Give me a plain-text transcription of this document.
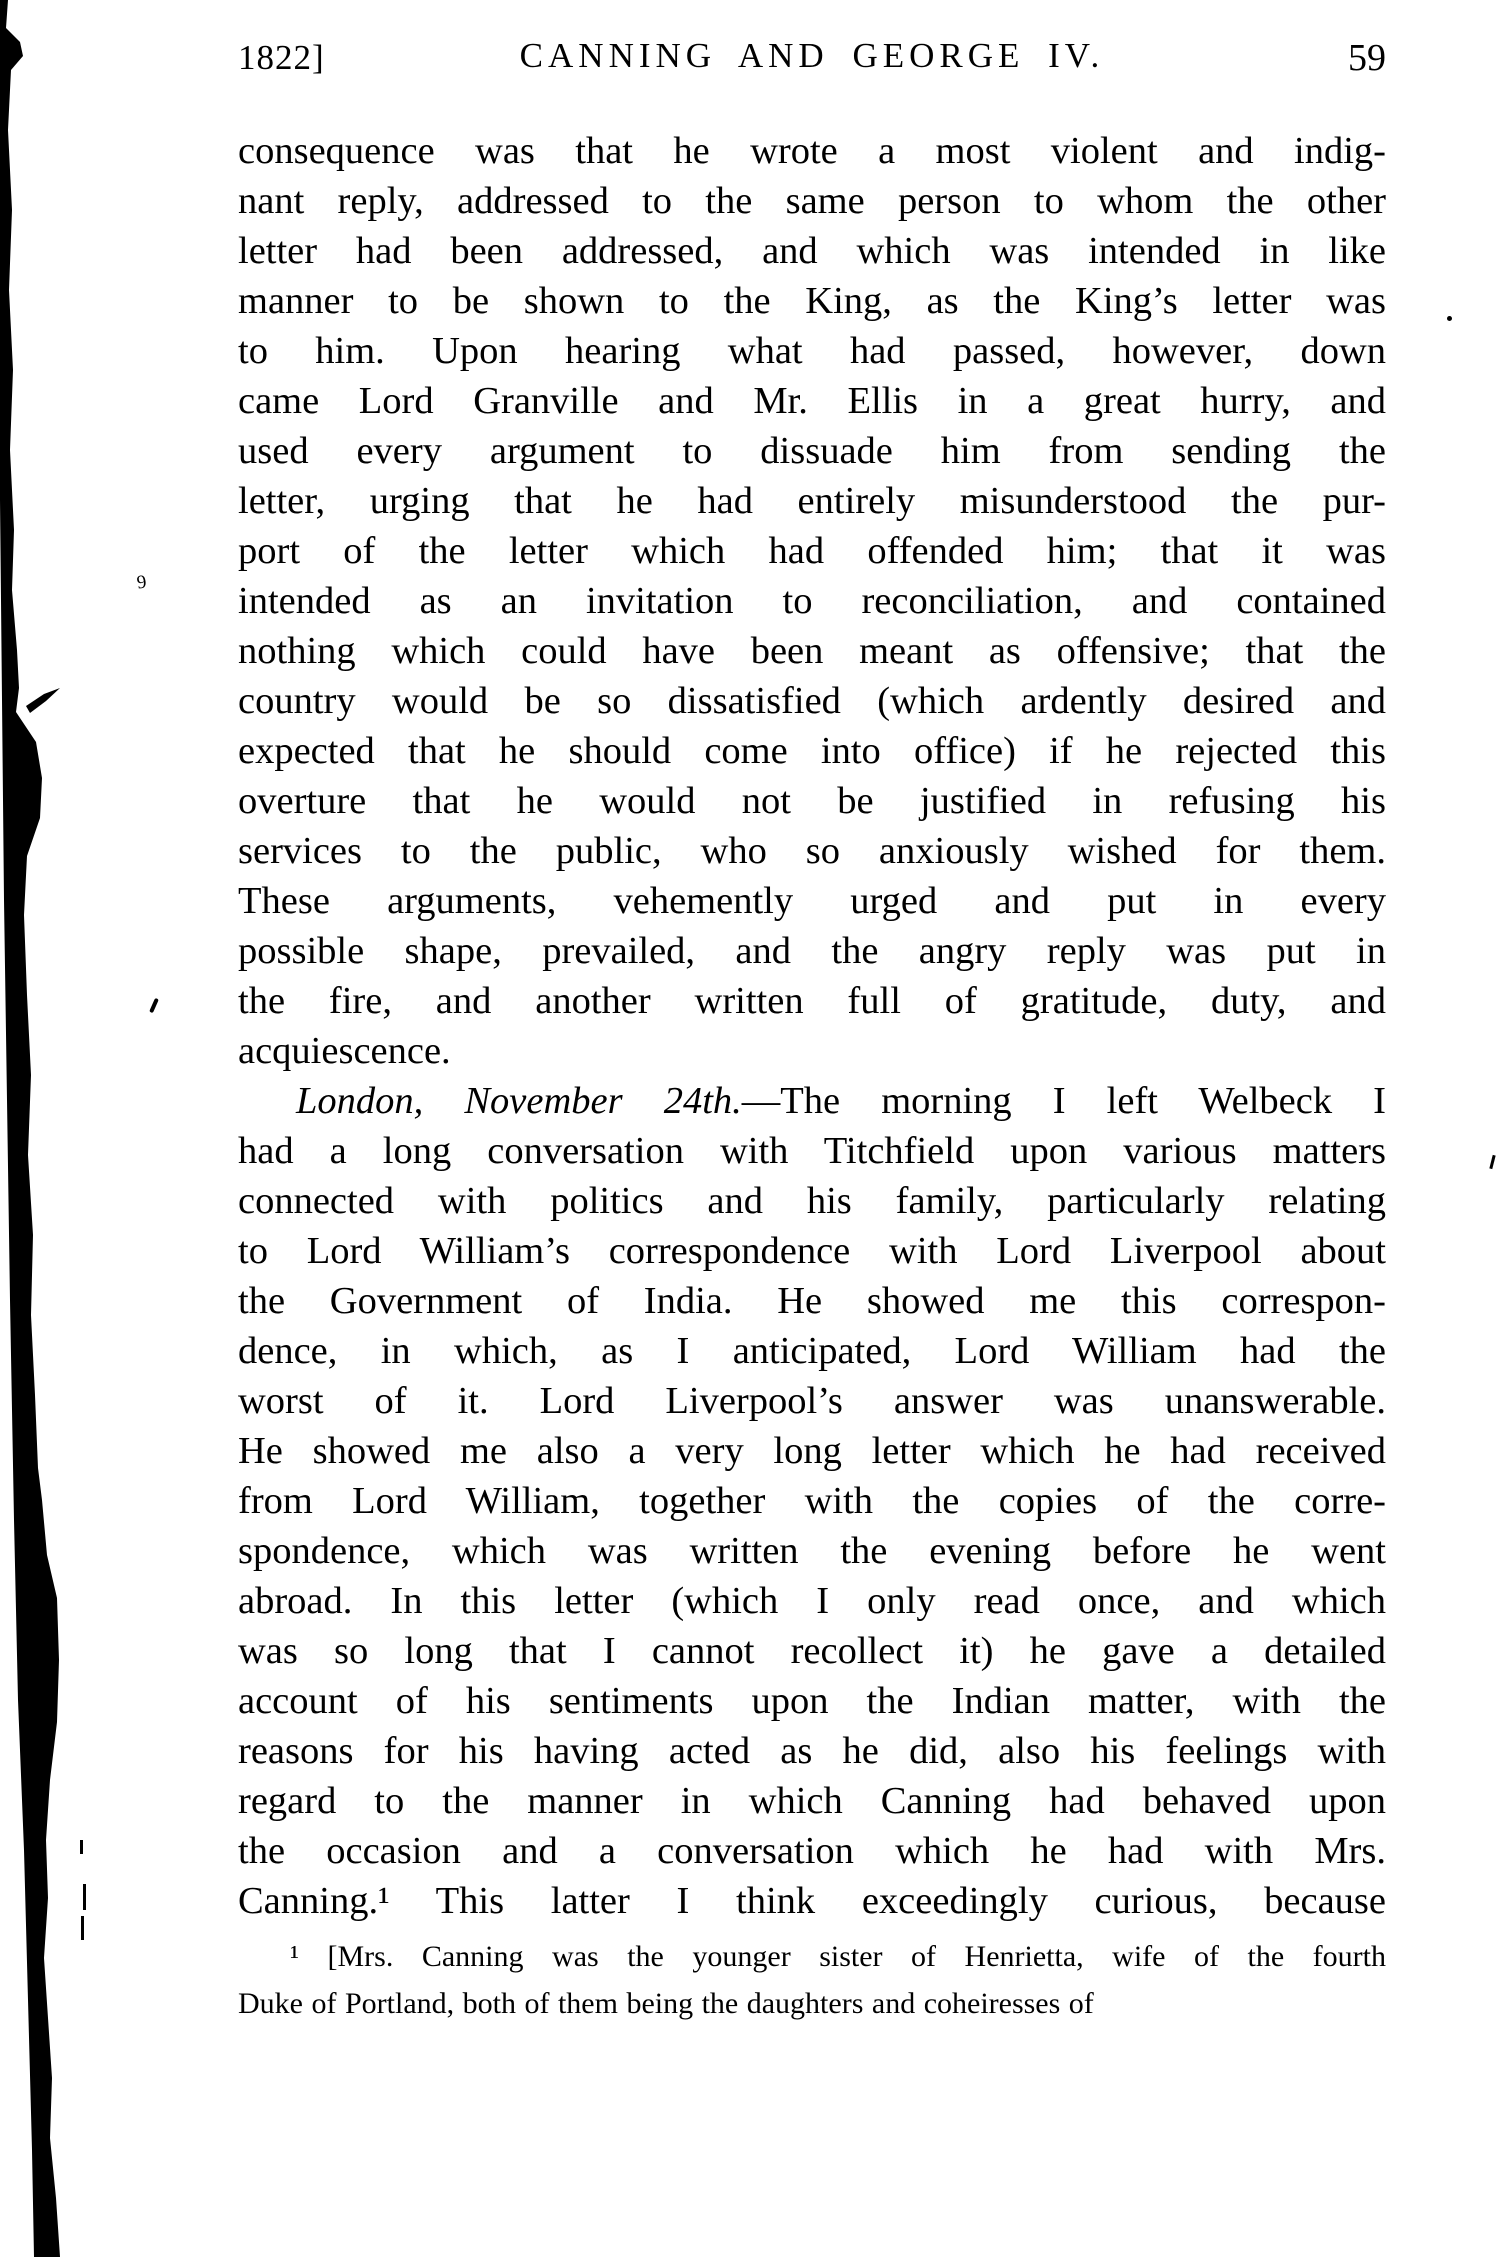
9
1822]	CANNING AND GEORGE IV.	59
consequence was that he wrote a most violent and indig-
nant reply, addressed to the same person to whom the other
letter had been addressed, and which was intended in like
manner to be shown to the King, as the King’s letter was
to him. Upon hearing what had passed, however, down
came Lord Granville and Mr. Ellis in a great hurry, and
used every argument to dissuade him from sending the
letter, urging that he had entirely misunderstood the pur-
port of the letter which had offended him; that it was
intended as an invitation to reconciliation, and contained
nothing which could have been meant as offensive; that the
country would be so dissatisfied (which ardently desired and
expected that he should come into office) if he rejected this
overture that he would not be justified in refusing his
services to the public, who so anxiously wished for them.
These arguments, vehemently urged and put in every
possible shape, prevailed, and the angry reply was put in
the fire, and another written full of gratitude, duty, and
acquiescence.
London, November 24th.—The morning I left Welbeck I
had a long conversation with Titchfield upon various matters
connected with politics and his family, particularly relating
to Lord William’s correspondence with Lord Liverpool about
the Government of India. He showed me this correspon-
dence, in which, as I anticipated, Lord William had the
worst of it. Lord Liverpool’s answer was unanswerable.
He showed me also a very long letter which he had received
from Lord William, together with the copies of the corre-
spondence, which was written the evening before he went
abroad. In this letter (which I only read once, and which
was so long that I cannot recollect it) he gave a detailed
account of his sentiments upon the Indian matter, with the
reasons for his having acted as he did, also his feelings with
regard to the manner in which Canning had behaved upon
the occasion and a conversation which he had with Mrs.
Canning.¹ This latter I think exceedingly curious, because
¹ [Mrs. Canning was the younger sister of Henrietta, wife of the fourth
Duke of Portland, both of them being the daughters and coheiresses of
